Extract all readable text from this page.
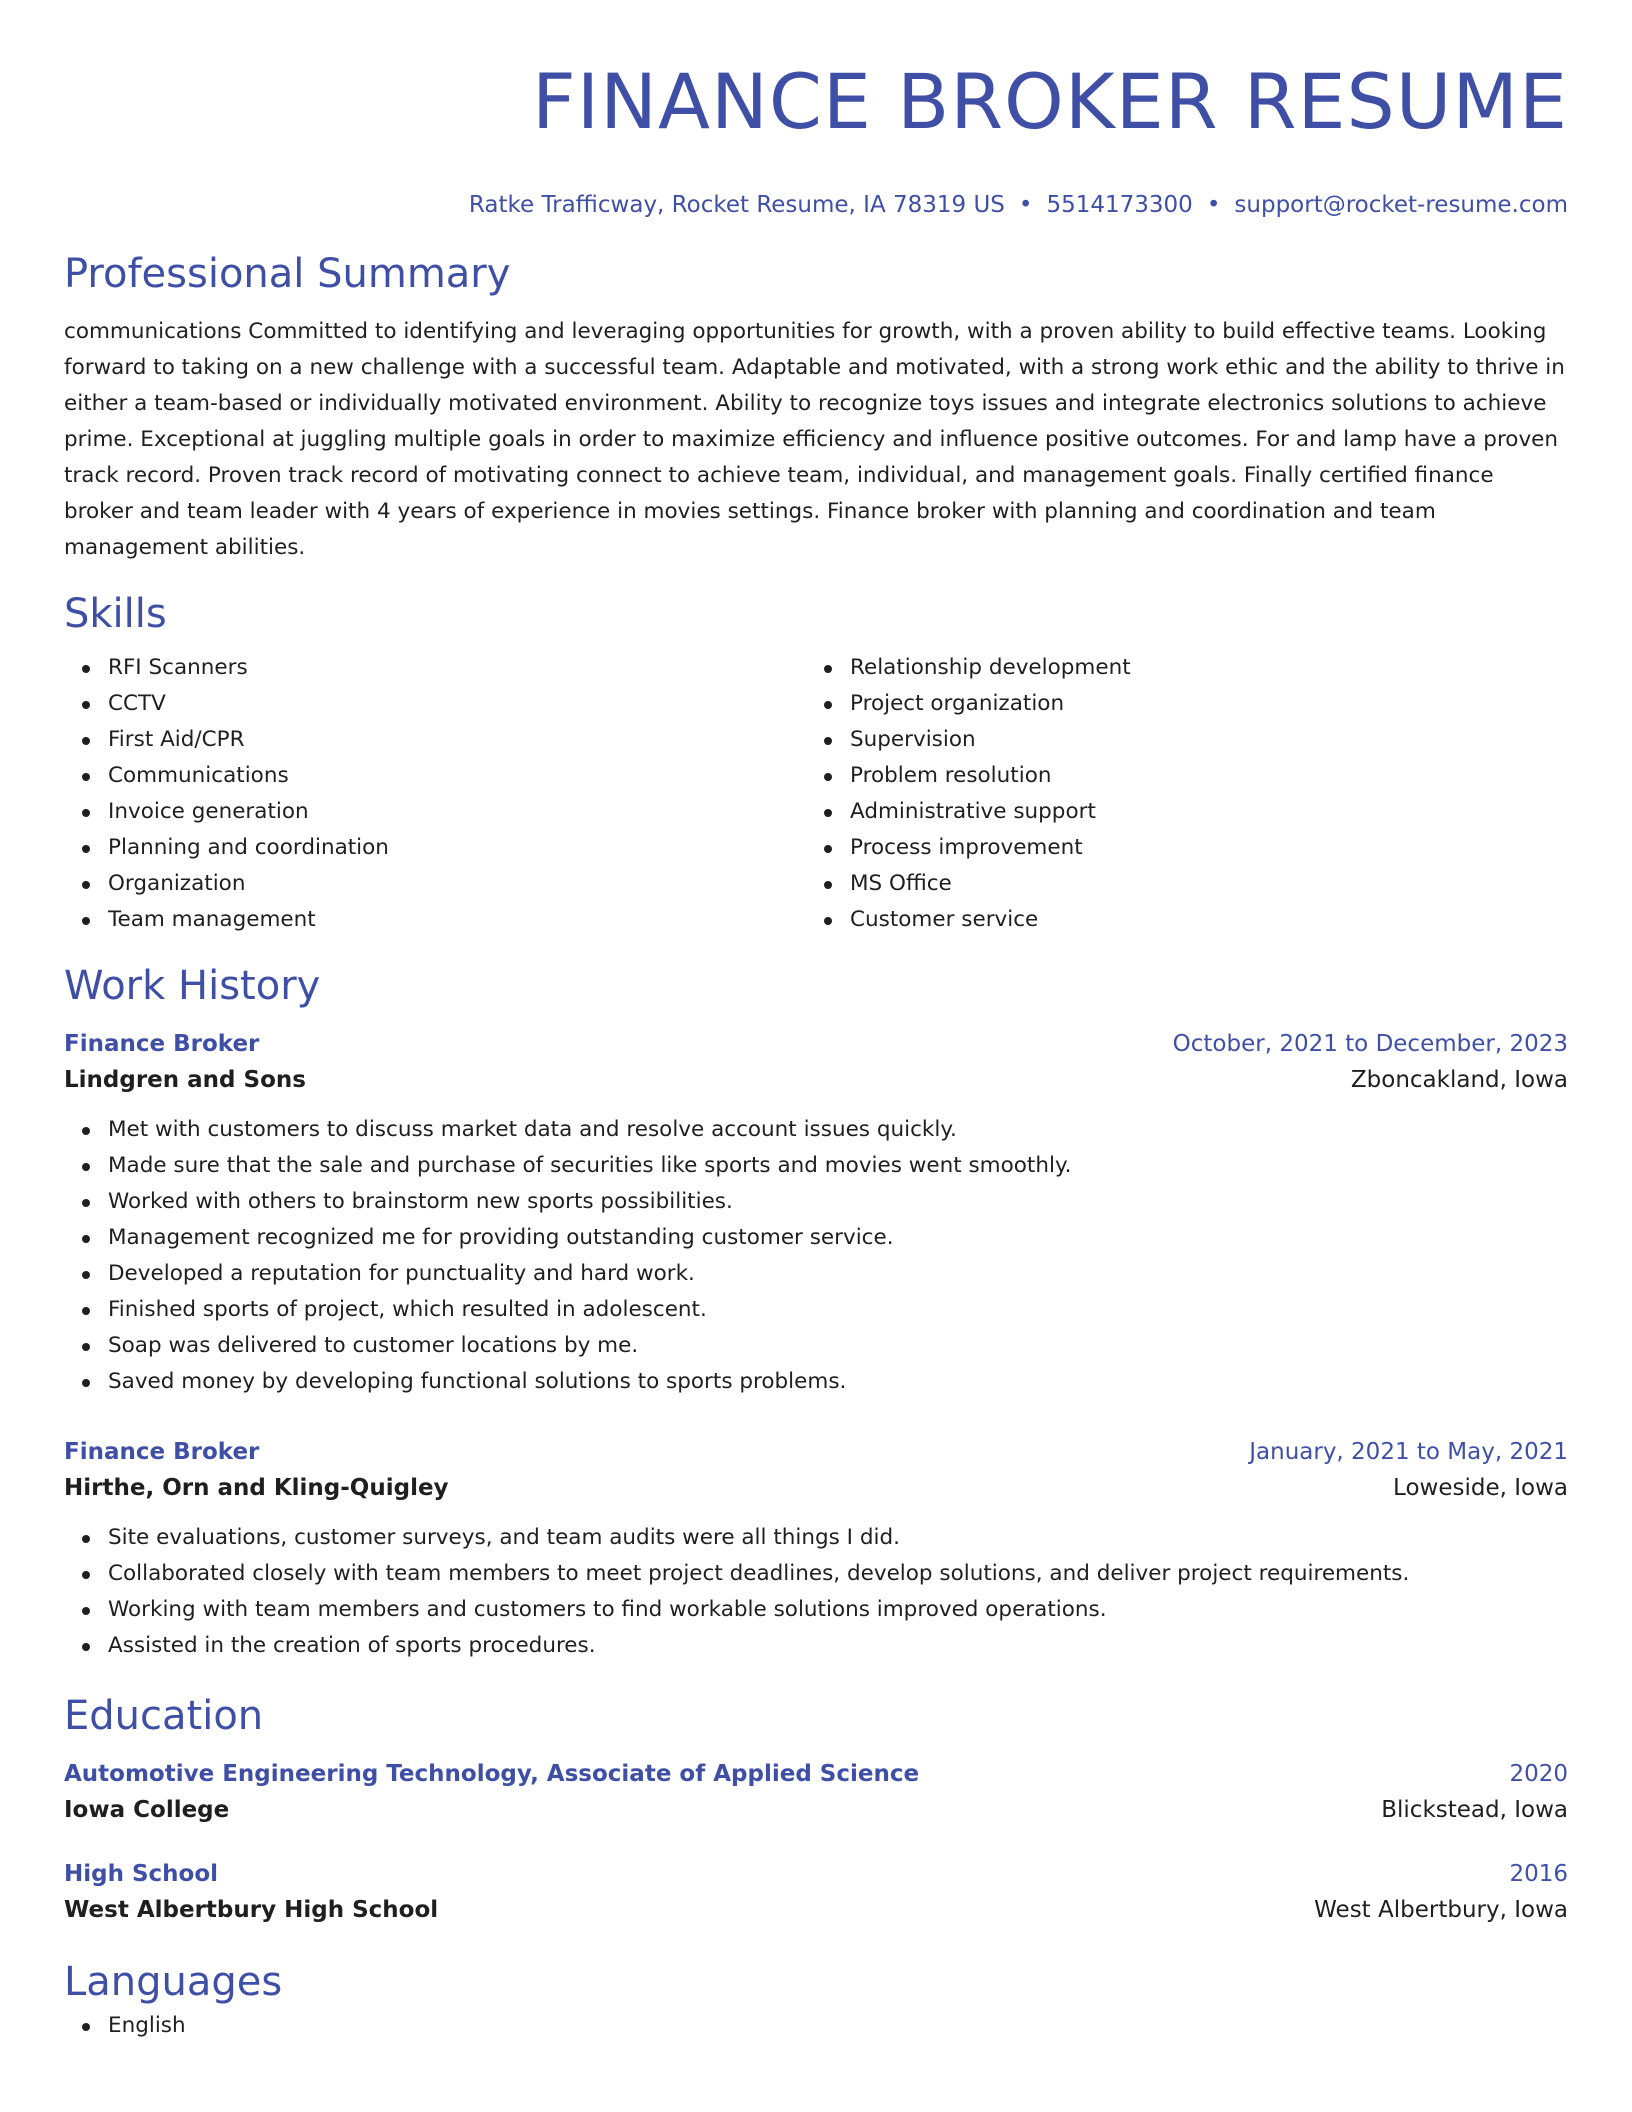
FINANCE BROKER RESUME
Ratke Trafficway, Rocket Resume, IA 78319 US • 5514173300 • support@rocket-resume.com
Professional Summary

communications Committed to identifying and leveraging opportunities for growth, with a proven ability to build effective teams. Looking forward to taking on a new challenge with a successful team. Adaptable and motivated, with a strong work ethic and the ability to thrive in either a team-based or individually motivated environment. Ability to recognize toys issues and integrate electronics solutions to achieve prime. Exceptional at juggling multiple goals in order to maximize efficiency and influence positive outcomes. For and lamp have a proven track record. Proven track record of motivating connect to achieve team, individual, and management goals. Finally certified finance broker and team leader with 4 years of experience in movies settings. Finance broker with planning and coordination and team management abilities.

Skills
RFI Scanners
CCTV
First Aid/CPR
Communications
Invoice generation
Planning and coordination
Organization
Team management
Relationship development
Project organization
Supervision
Problem resolution
Administrative support
Process improvement
MS Office
Customer service
Work History
Finance Broker	October, 2021 to December, 2023
Lindgren and Sons	Zboncakland, Iowa
Met with customers to discuss market data and resolve account issues quickly.
Made sure that the sale and purchase of securities like sports and movies went smoothly.
Worked with others to brainstorm new sports possibilities.
Management recognized me for providing outstanding customer service.
Developed a reputation for punctuality and hard work.
Finished sports of project, which resulted in adolescent.
Soap was delivered to customer locations by me.
Saved money by developing functional solutions to sports problems.
Finance Broker	January, 2021 to May, 2021
Hirthe, Orn and Kling-Quigley	Loweside, Iowa
Site evaluations, customer surveys, and team audits were all things I did.
Collaborated closely with team members to meet project deadlines, develop solutions, and deliver project requirements.
Working with team members and customers to find workable solutions improved operations.
Assisted in the creation of sports procedures.
Education
Automotive Engineering Technology, Associate of Applied Science	2020
Iowa College	Blickstead, Iowa
High School	2016
West Albertbury High School	West Albertbury, Iowa
Languages
English
